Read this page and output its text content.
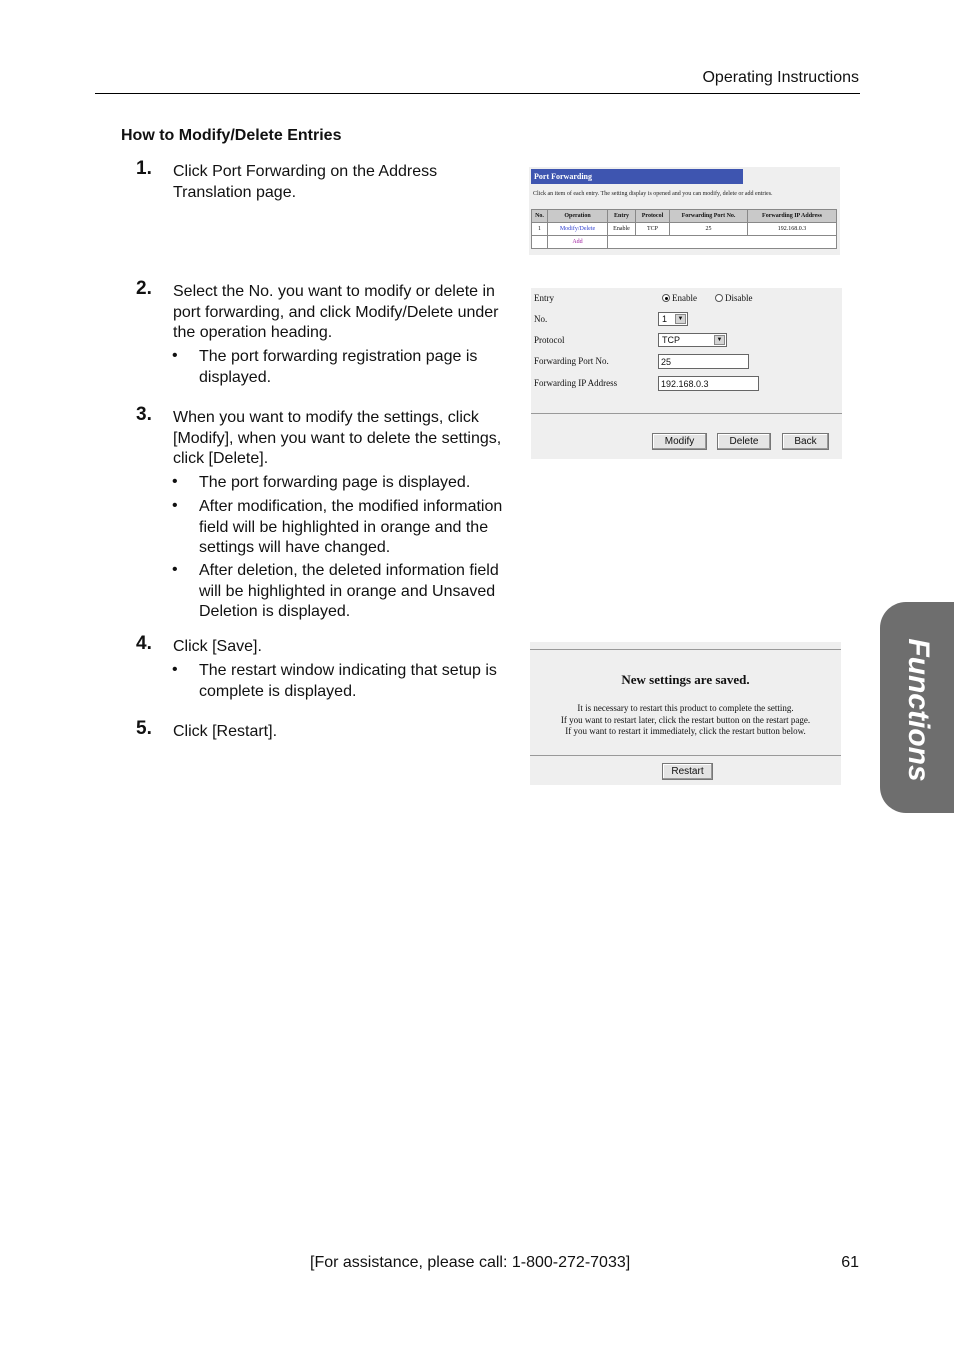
Operating Instructions
How to Modify/Delete Entries
1. Click Port Forwarding on the Address Translation page.
2. Select the No. you want to modify or delete in port forwarding, and click Modify/Delete under the operation heading.
• The port forwarding registration page is displayed.
3. When you want to modify the settings, click [Modify], when you want to delete the settings, click [Delete].
• The port forwarding page is displayed.
• After modification, the modified information field will be highlighted in orange and the settings will have changed.
• After deletion, the deleted information field will be highlighted in orange and Unsaved Deletion is displayed.
4. Click [Save].
• The restart window indicating that setup is complete is displayed.
5. Click [Restart].
Port Forwarding
Click an item of each entry. The setting display is opened and you can modify, delete or add entries.
No.	Operation	Entry	Protocol	Forwarding Port No.	Forwarding IP Address
1	Modify/Delete	Enable	TCP	25	192.168.0.3
	Add				
Entry	Enable	Disable
No.	1	▼
Protocol	TCP	▼
Forwarding Port No.	25
Forwarding IP Address	192.168.0.3
Modify	Delete	Back
New settings are saved.
It is necessary to restart this product to complete the setting.
If you want to restart later, click the restart button on the restart page.
If you want to restart it immediately, click the restart button below.
Restart	Functions
[For assistance, please call: 1-800-272-7033]	61
